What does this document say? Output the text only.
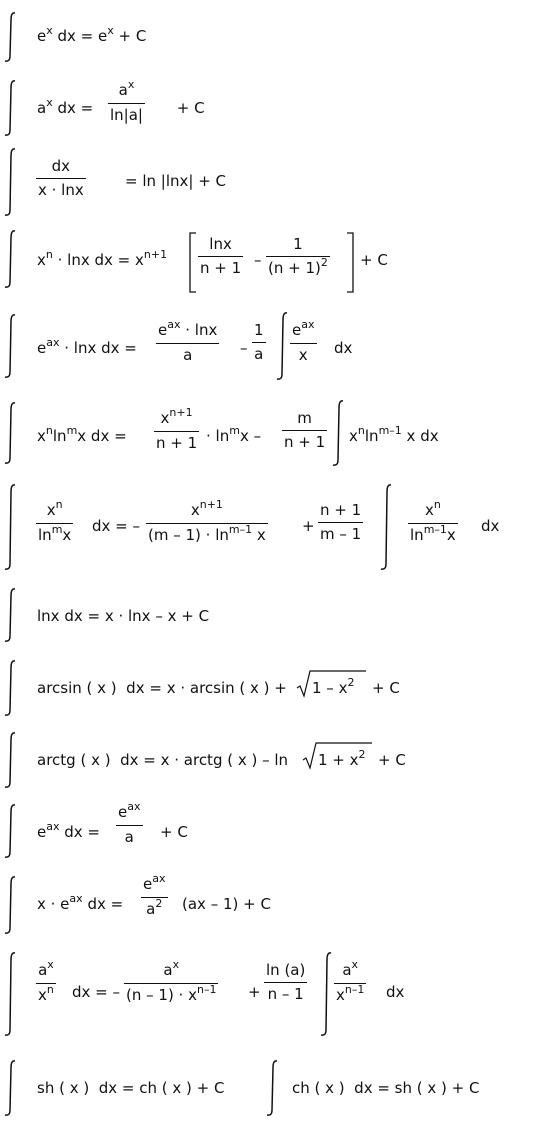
$e^x$ dx = $e^x + C$
$a^x$ dx =
$a^x$
ln|a| + C
dx
x · lnx	= ln |lnx| + C
$x^n \cdot \ln x$ dx = $x^{n+1}$
lnx
n + 1 –
1
$(n + 1)^2 + C$
$e^{ax} \cdot \ln x$ dx =
$e^{ax} \cdot \ln x$
a	–
1
a
$e^{ax}$
x dx
$x^n\ln^mx$ dx =
$x^{n+1}$
$n + 1 \cdot \ln^mx$ –
m
n + 1 $x^n\ln^{m-1}$ x dx
$x^n$
$\ln^mx$ dx = –
$x^{n+1}$
$(m - 1) \cdot \ln^{m-1} x$ +
n + 1
m – 1
$x^n$
$\ln^{m-1}x$ dx
lnx dx = x · lnx – x + C
arcsin ( x )  dx = x · arcsin ( x ) + $1 - x^2 + C$
arctg ( x )  dx = x · arctg ( x ) – $\ln 1 + x^2 + C$
$e^{ax}$ dx =
$e^{ax}$
a + C
$x \cdot e^{ax}$ dx =
$e^{ax}$
$a^2$ (ax – 1) + C
$a^x$
$x^n$ dx = –
$a^x$
$(n - 1) \cdot x^{n-1}$ +
ln (a)
n – 1
$a^x$
$x^{n-1}$ dx
sh ( x )  dx = ch ( x ) + C	ch ( x )  dx = sh ( x ) + C
